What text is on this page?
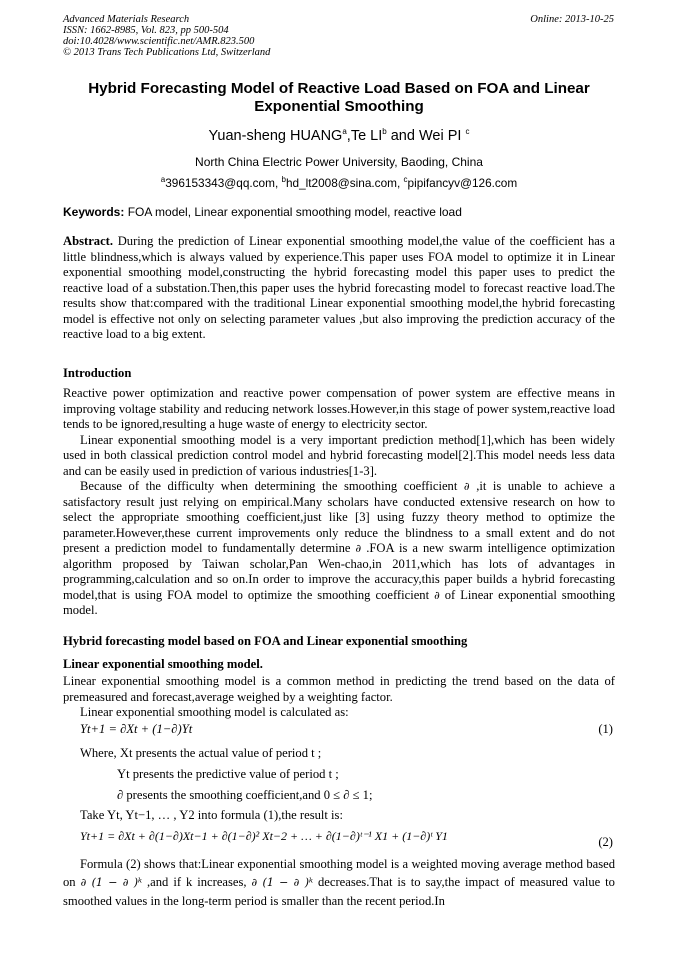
Advanced Materials Research
ISSN: 1662-8985, Vol. 823, pp 500-504
doi:10.4028/www.scientific.net/AMR.823.500
© 2013 Trans Tech Publications Ltd, Switzerland
Online: 2013-10-25
Hybrid Forecasting Model of Reactive Load Based on FOA and Linear Exponential Smoothing
Yuan-sheng HUANG$^a$,Te $LI^b$ and Wei PI $^c$
North China Electric Power University, Baoding, China
$^a$396153343@qq.com, $^b$hd_lt2008@sina.com, $^c$pipifancyv@126.com
Keywords: FOA model, Linear exponential smoothing model, reactive load

Abstract. During the prediction of Linear exponential smoothing model,the value of the coefficient has a little blindness,which is always valued by experience.This paper uses FOA model to optimize it in Linear exponential smoothing model,constructing the hybrid forecasting model this paper uses to predict the reactive load of a substation.Then,this paper uses the hybrid forecasting model to forecast reactive load.The results show that:compared with the traditional Linear exponential smoothing model,the hybrid forecasting model is effective not only on selecting parameter values ,but also improving the prediction accuracy of the reactive load to a big extent.

Introduction

Reactive power optimization and reactive power compensation of power system are effective means in improving voltage stability and reducing network losses.However,in this stage of power system,reactive load tends to be ignored,resulting a huge waste of energy to electricity sector.

Linear exponential smoothing model is a very important prediction method[1],which has been widely used in both classical prediction control model and hybrid forecasting model[2].This model needs less data and can be easily used in prediction of various industries[1-3].

Because of the difficulty when determining the smoothing coefficient ∂ ,it is unable to achieve a satisfactory result just relying on empirical.Many scholars have conducted extensive research on how to select the appropriate smoothing coefficient,just like [3] using fuzzy theory method to optimize the parameter.However,these current improvements only reduce the blindness to a small extent and do not present a prediction model to fundamentally determine ∂ .FOA is a new swarm intelligence optimization algorithm proposed by Taiwan scholar,Pan Wen-chao,in 2011,which has lots of advantages in programming,calculation and so on.In order to improve the accuracy,this paper builds a hybrid forecasting model,that is using FOA model to optimize the smoothing coefficient ∂ of Linear exponential smoothing model.

Hybrid forecasting model based on FOA and Linear exponential smoothing
Linear exponential smoothing model.

Linear exponential smoothing model is a common method in predicting the trend based on the data of premeasured and forecast,average weighed by a weighting factor.

Linear exponential smoothing model is calculated as:

Yt+1 = ∂Xt + (1−∂)Yt	(1)
Where, Xt presents the actual value of period t ;
Yt presents the predictive value of period t ;
∂ presents the smoothing coefficient,and 0 ≤ ∂ ≤ 1;
Take Yt, Yt−1, … , Y2 into formula (1),the result is:
Yt+1 = ∂Xt + ∂(1−∂)Xt−1 + ∂(1−∂)² Xt−2 + … + ∂(1−∂)ᵗ⁻¹ X1 + (1−∂)ᵗ Y1	(2)

Formula (2) shows that:Linear exponential smoothing model is a weighted moving average method based on ∂ (1 − ∂ )ᵏ ,and if k increases, ∂ (1 − ∂ )ᵏ decreases.That is to say,the impact of measured value to smoothed values in the long-term period is smaller than the recent period.In
